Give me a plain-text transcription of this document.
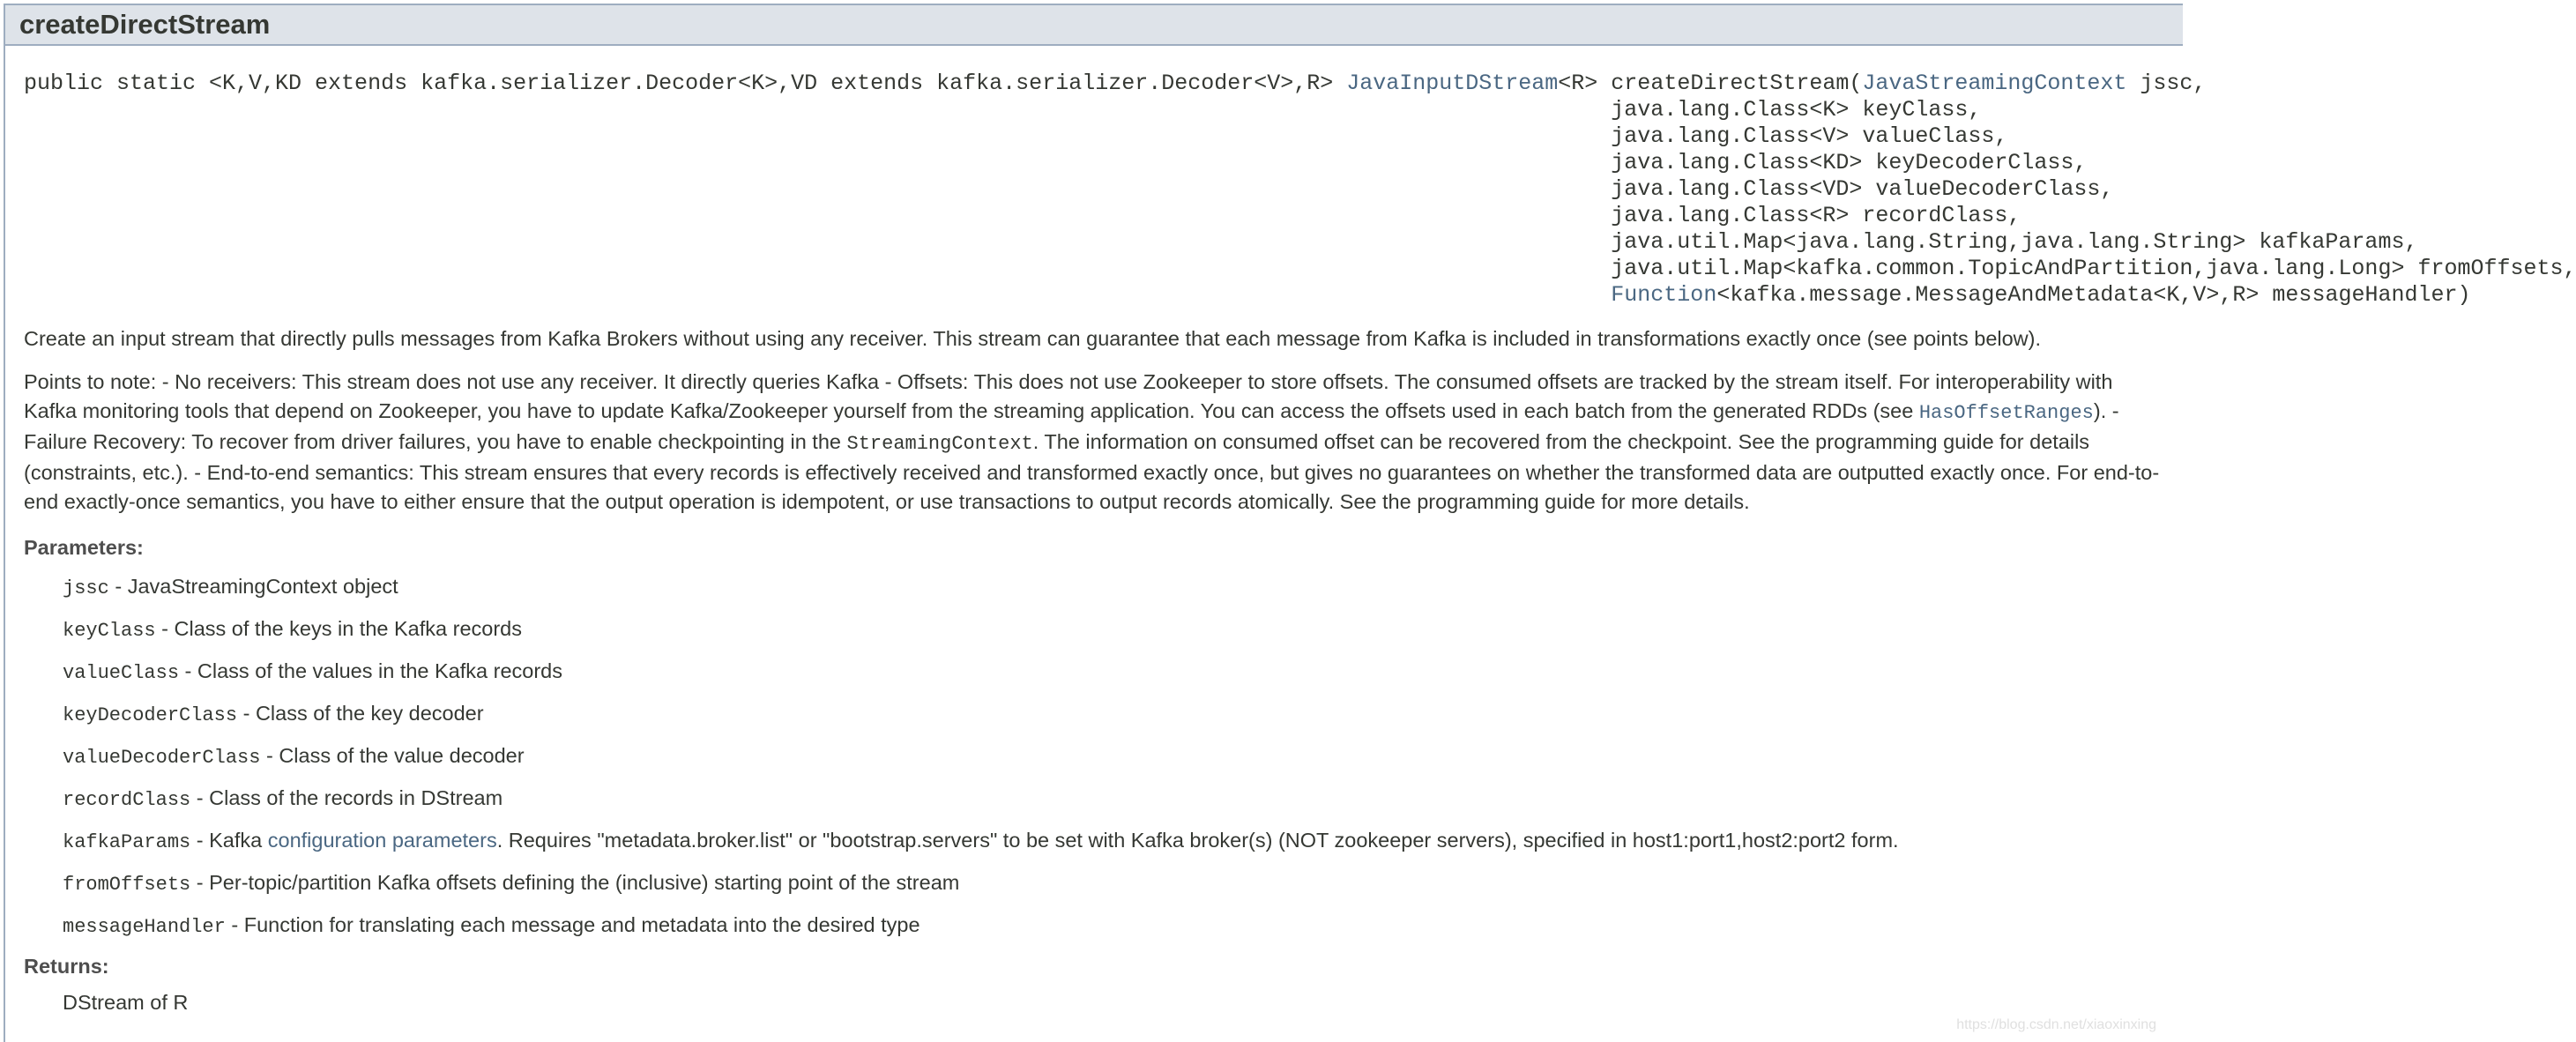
createDirectStream
public static <K,V,KD extends kafka.serializer.Decoder<K>,VD extends kafka.serializer.Decoder<V>,R> JavaInputDStream<R> createDirectStream(JavaStreamingContext jssc,
java.lang.Class<K> keyClass,
java.lang.Class<V> valueClass,
java.lang.Class<KD> keyDecoderClass,
java.lang.Class<VD> valueDecoderClass,
java.lang.Class<R> recordClass,
java.util.Map<java.lang.String,java.lang.String> kafkaParams,
java.util.Map<kafka.common.TopicAndPartition,java.lang.Long> fromOffsets,
Function<kafka.message.MessageAndMetadata<K,V>,R> messageHandler)
Create an input stream that directly pulls messages from Kafka Brokers without using any receiver. This stream can guarantee that each message from Kafka is included in transformations exactly once (see points below).
Points to note: - No receivers: This stream does not use any receiver. It directly queries Kafka - Offsets: This does not use Zookeeper to store offsets. The consumed offsets are tracked by the stream itself. For interoperability with Kafka monitoring tools that depend on Zookeeper, you have to update Kafka/Zookeeper yourself from the streaming application. You can access the offsets used in each batch from the generated RDDs (see HasOffsetRanges). - Failure Recovery: To recover from driver failures, you have to enable checkpointing in the StreamingContext. The information on consumed offset can be recovered from the checkpoint. See the programming guide for details (constraints, etc.). - End-to-end semantics: This stream ensures that every records is effectively received and transformed exactly once, but gives no guarantees on whether the transformed data are outputted exactly once. For end-to-end exactly-once semantics, you have to either ensure that the output operation is idempotent, or use transactions to output records atomically. See the programming guide for more details.
Parameters:
jssc - JavaStreamingContext object
keyClass - Class of the keys in the Kafka records
valueClass - Class of the values in the Kafka records
keyDecoderClass - Class of the key decoder
valueDecoderClass - Class of the value decoder
recordClass - Class of the records in DStream
kafkaParams - Kafka configuration parameters. Requires "metadata.broker.list" or "bootstrap.servers" to be set with Kafka broker(s) (NOT zookeeper servers), specified in host1:port1,host2:port2 form.
fromOffsets - Per-topic/partition Kafka offsets defining the (inclusive) starting point of the stream
messageHandler - Function for translating each message and metadata into the desired type
Returns:
DStream of R
https://blog.csdn.net/xiaoxinxing
